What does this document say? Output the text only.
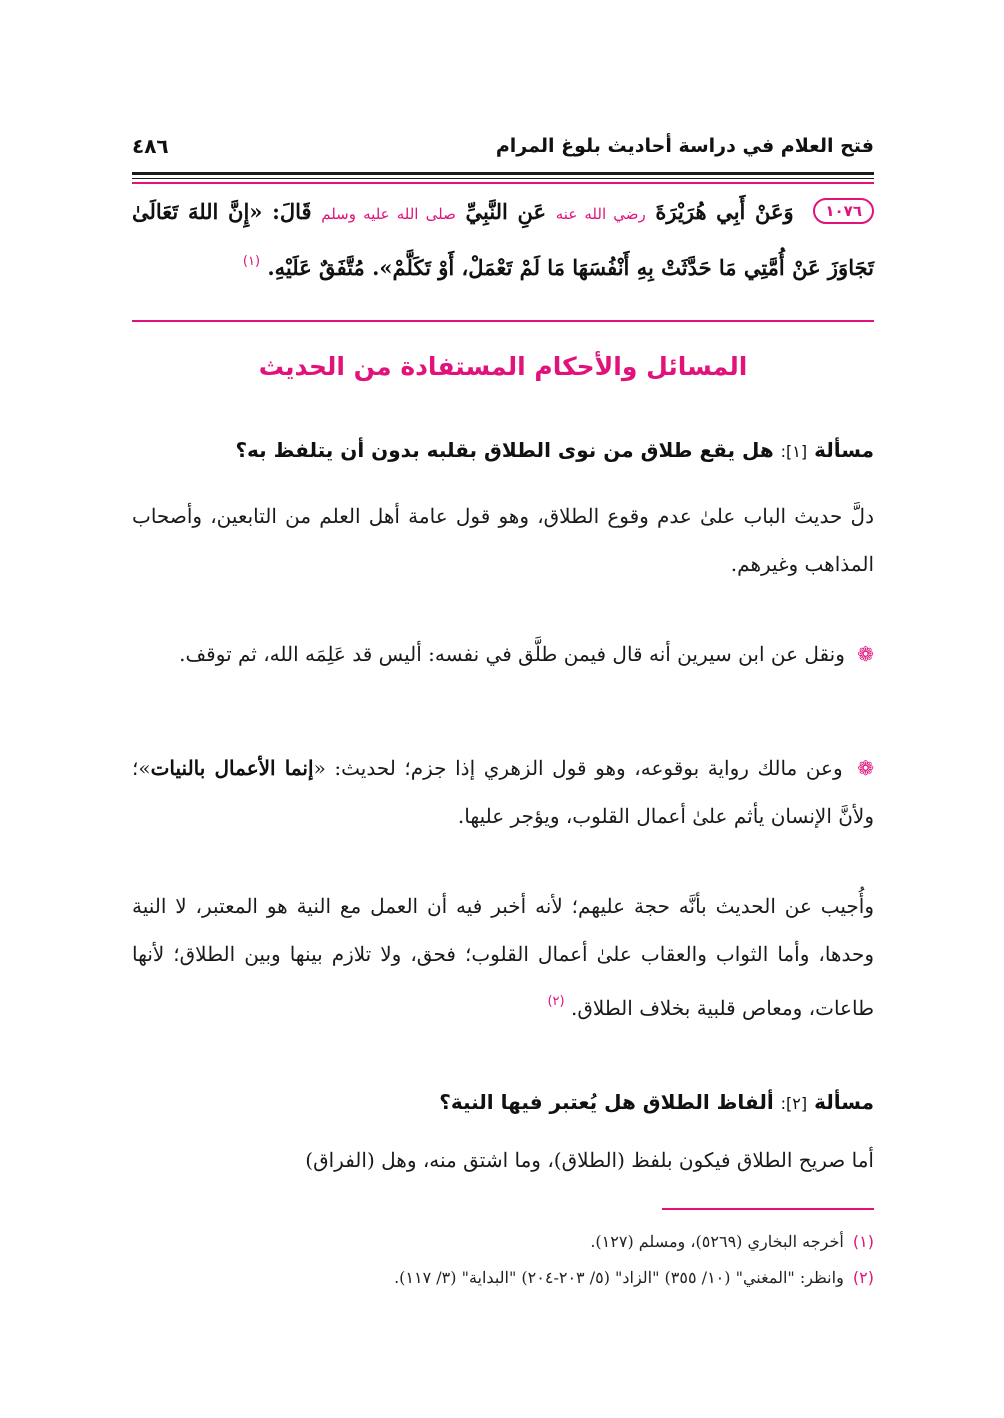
فتح العلام في دراسة أحاديث بلوغ المرام
٤٨٦
١٠٧٦ وَعَنْ أَبِي هُرَيْرَةَ رضي الله عنه عَنِ النَّبِيِّ صلى الله عليه وسلم قَالَ: «إِنَّ اللهَ تَعَالَىٰ تَجَاوَزَ عَنْ أُمَّتِي مَا حَدَّثَتْ بِهِ أَنْفُسَهَا مَا لَمْ تَعْمَلْ، أَوْ تَكَلَّمْ». مُتَّفَقٌ عَلَيْهِ. $^{(١)}$
المسائل والأحكام المستفادة من الحديث
مسألة [١]: هل يقع طلاق من نوى الطلاق بقلبه بدون أن يتلفظ به؟
دلَّ حديث الباب علىٰ عدم وقوع الطلاق، وهو قول عامة أهل العلم من التابعين، وأصحاب المذاهب وغيرهم.
❁ ونقل عن ابن سيرين أنه قال فيمن طلَّق في نفسه: أليس قد عَلِمَه الله، ثم توقف.
❁ وعن مالك رواية بوقوعه، وهو قول الزهري إذا جزم؛ لحديث: «إنما الأعمال بالنيات»؛ ولأنَّ الإنسان يأثم علىٰ أعمال القلوب، ويؤجر عليها.
وأُجيب عن الحديث بأنَّه حجة عليهم؛ لأنه أخبر فيه أن العمل مع النية هو المعتبر، لا النية وحدها، وأما الثواب والعقاب علىٰ أعمال القلوب؛ فحق، ولا تلازم بينها وبين الطلاق؛ لأنها طاعات، ومعاص قلبية بخلاف الطلاق. $^{(٢)}$
مسألة [٢]: ألفاظ الطلاق هل يُعتبر فيها النية؟
أما صريح الطلاق فيكون بلفظ (الطلاق)، وما اشتق منه، وهل (الفراق)
(١) أخرجه البخاري (٥٢٦٩)، ومسلم (١٢٧).
(٢) وانظر: "المغني" (١٠/ ٣٥٥) "الزاد" (٥/ ٢٠٣-٢٠٤) "البداية" (٣/ ١١٧).
